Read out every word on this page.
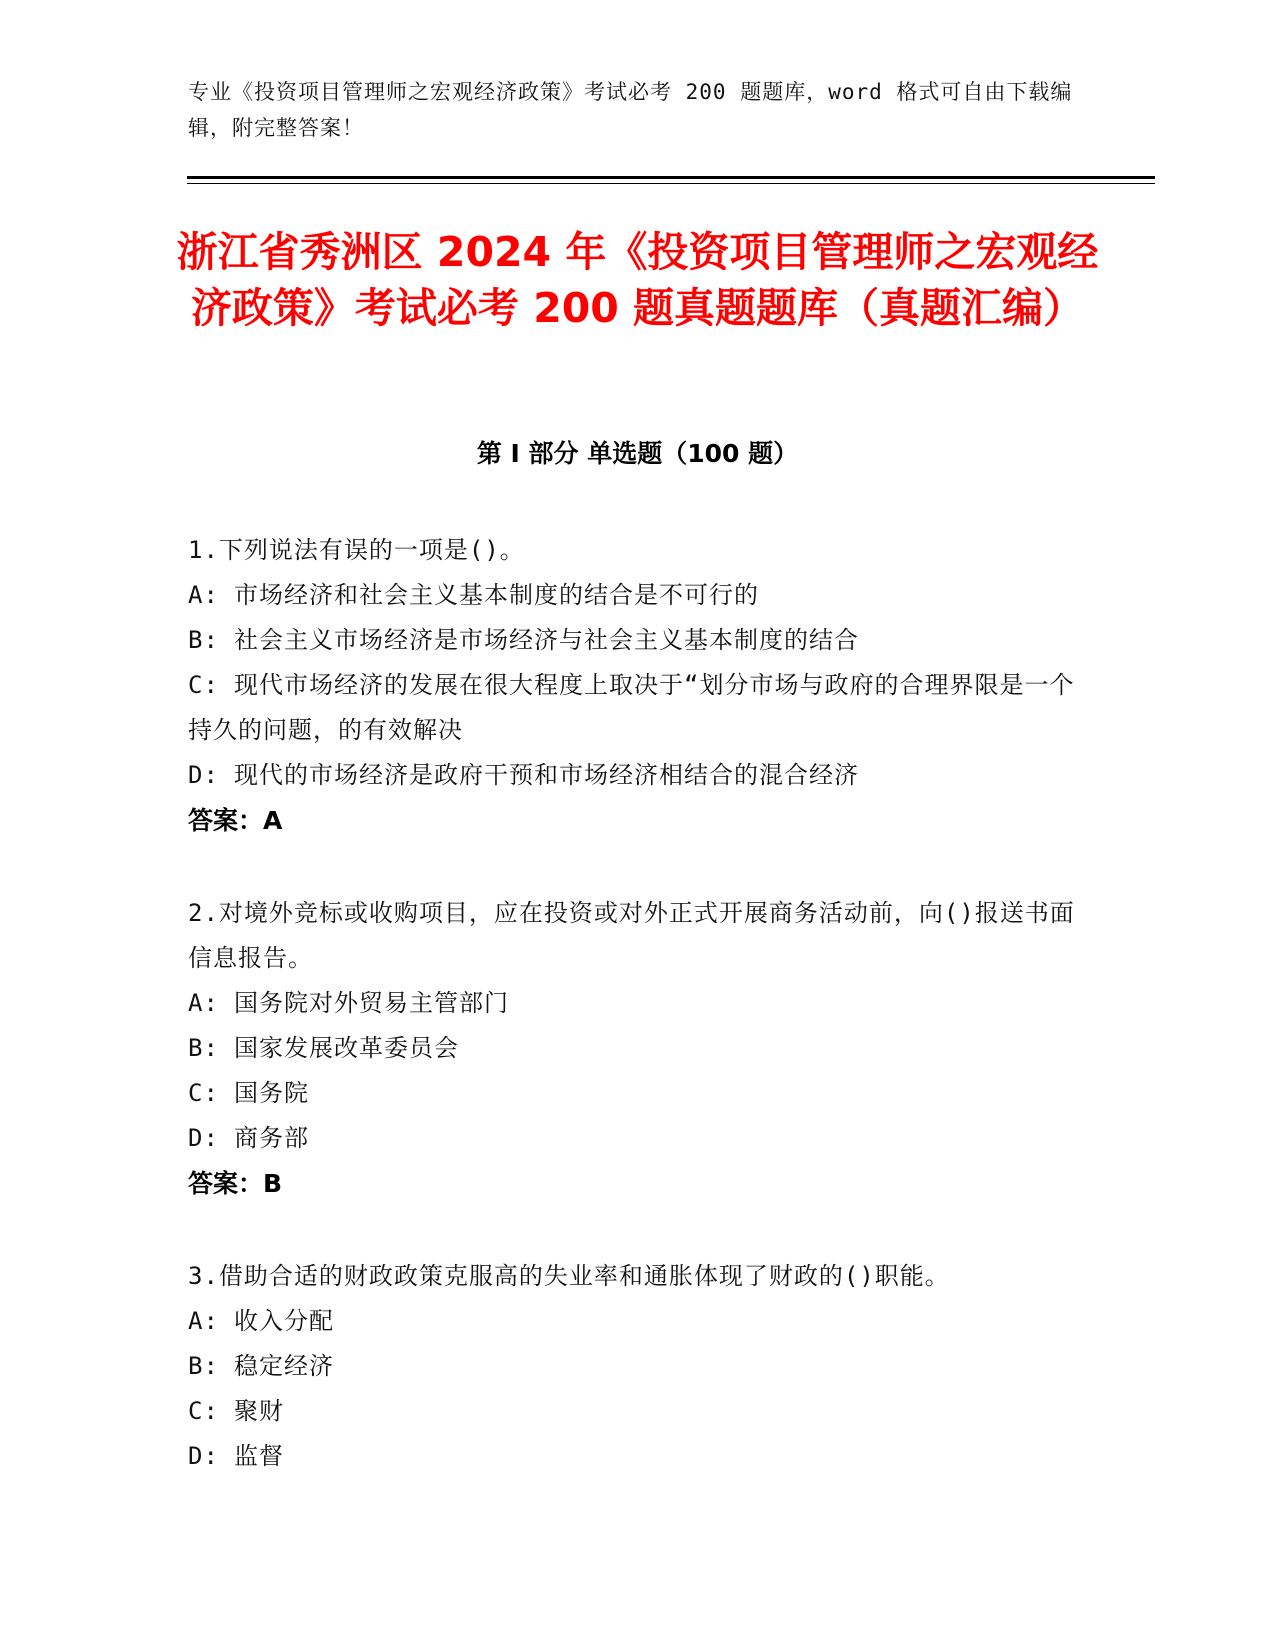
专业《投资项目管理师之宏观经济政策》考试必考 200 题题库，word 格式可自由下载编辑，附完整答案！
浙江省秀洲区 2024 年《投资项目管理师之宏观经济政策》考试必考 200 题真题题库（真题汇编）
第 I 部分 单选题（100 题）
1.下列说法有误的一项是()。
A: 市场经济和社会主义基本制度的结合是不可行的
B: 社会主义市场经济是市场经济与社会主义基本制度的结合
C: 现代市场经济的发展在很大程度上取决于“划分市场与政府的合理界限是一个持久的问题，的有效解决
D: 现代的市场经济是政府干预和市场经济相结合的混合经济
答案：A
2.对境外竞标或收购项目，应在投资或对外正式开展商务活动前，向()报送书面信息报告。
A: 国务院对外贸易主管部门
B: 国家发展改革委员会
C: 国务院
D: 商务部
答案：B
3.借助合适的财政政策克服高的失业率和通胀体现了财政的()职能。
A: 收入分配
B: 稳定经济
C: 聚财
D: 监督
